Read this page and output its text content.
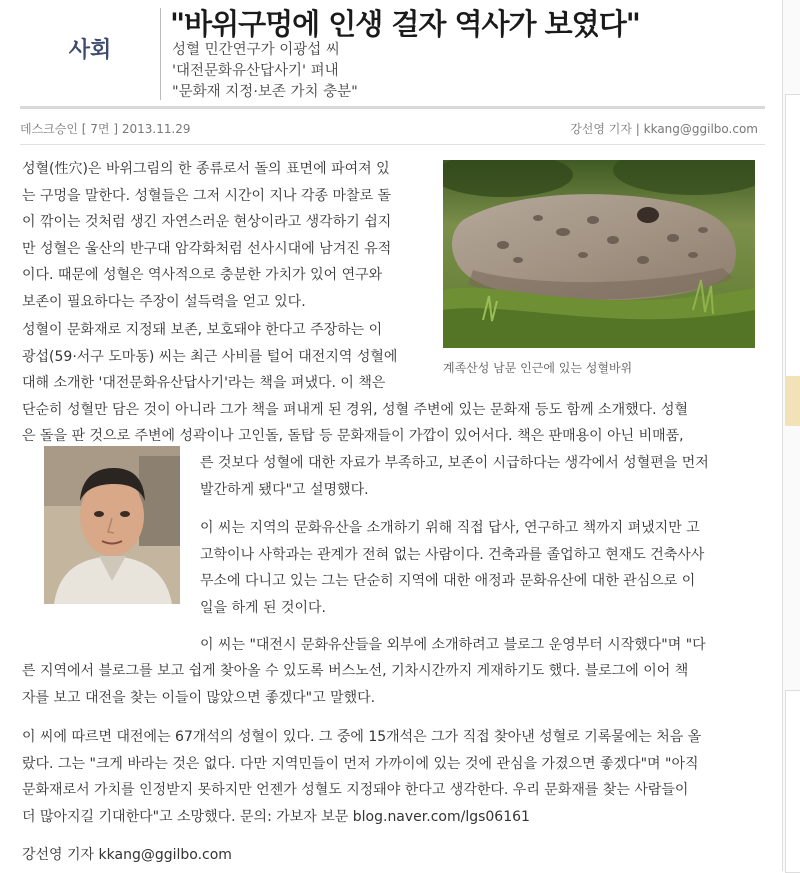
사회
"바위구멍에 인생 걸자 역사가 보였다"
성혈 민간연구가 이광섭 씨
'대전문화유산답사기' 펴내
"문화재 지정·보존 가치 충분"
데스크승인 [ 7면 ] 2013.11.29	강선영 기자 | kkang@ggilbo.com
계족산성 남문 인근에 있는 성혈바위
성혈(性穴)은 바위그림의 한 종류로서 돌의 표면에 파여져 있
는 구멍을 말한다. 성혈들은 그저 시간이 지나 각종 마찰로 돌
이 깎이는 것처럼 생긴 자연스러운 현상이라고 생각하기 쉽지
만 성혈은 울산의 반구대 암각화처럼 선사시대에 남겨진 유적
이다. 때문에 성혈은 역사적으로 충분한 가치가 있어 연구와
보존이 필요하다는 주장이 설득력을 얻고 있다.
성혈이 문화재로 지정돼 보존, 보호돼야 한다고 주장하는 이
광섭(59·서구 도마동) 씨는 최근 사비를 털어 대전지역 성혈에
대해 소개한 '대전문화유산답사기'라는 책을 펴냈다. 이 책은
단순히 성혈만 담은 것이 아니라 그가 책을 펴내게 된 경위, 성혈 주변에 있는 문화재 등도 함께 소개했다. 성혈
은 돌을 판 것으로 주변에 성곽이나 고인돌, 돌탑 등 문화재들이 가깝이 있어서다. 책은 판매용이 아닌 비매품,
른 것보다 성혈에 대한 자료가 부족하고, 보존이 시급하다는 생각에서 성혈편을 먼저
발간하게 됐다"고 설명했다.
이 씨는 지역의 문화유산을 소개하기 위해 직접 답사, 연구하고 책까지 펴냈지만 고
고학이나 사학과는 관계가 전혀 없는 사람이다. 건축과를 졸업하고 현재도 건축사사
무소에 다니고 있는 그는 단순히 지역에 대한 애정과 문화유산에 대한 관심으로 이
일을 하게 된 것이다.
이 씨는 "대전시 문화유산들을 외부에 소개하려고 블로그 운영부터 시작했다"며 "다
른 지역에서 블로그를 보고 쉽게 찾아올 수 있도록 버스노선, 기차시간까지 게재하기도 했다. 블로그에 이어 책
자를 보고 대전을 찾는 이들이 많았으면 좋겠다"고 말했다.
이 씨에 따르면 대전에는 67개석의 성혈이 있다. 그 중에 15개석은 그가 직접 찾아낸 성혈로 기록물에는 처음 올
랐다. 그는 "크게 바라는 것은 없다. 다만 지역민들이 먼저 가까이에 있는 것에 관심을 가졌으면 좋겠다"며 "아직
문화재로서 가치를 인정받지 못하지만 언젠가 성혈도 지정돼야 한다고 생각한다. 우리 문화재를 찾는 사람들이
더 많아지길 기대한다"고 소망했다. 문의: 가보자 보문 blog.naver.com/lgs06161
강선영 기자 kkang@ggilbo.com
